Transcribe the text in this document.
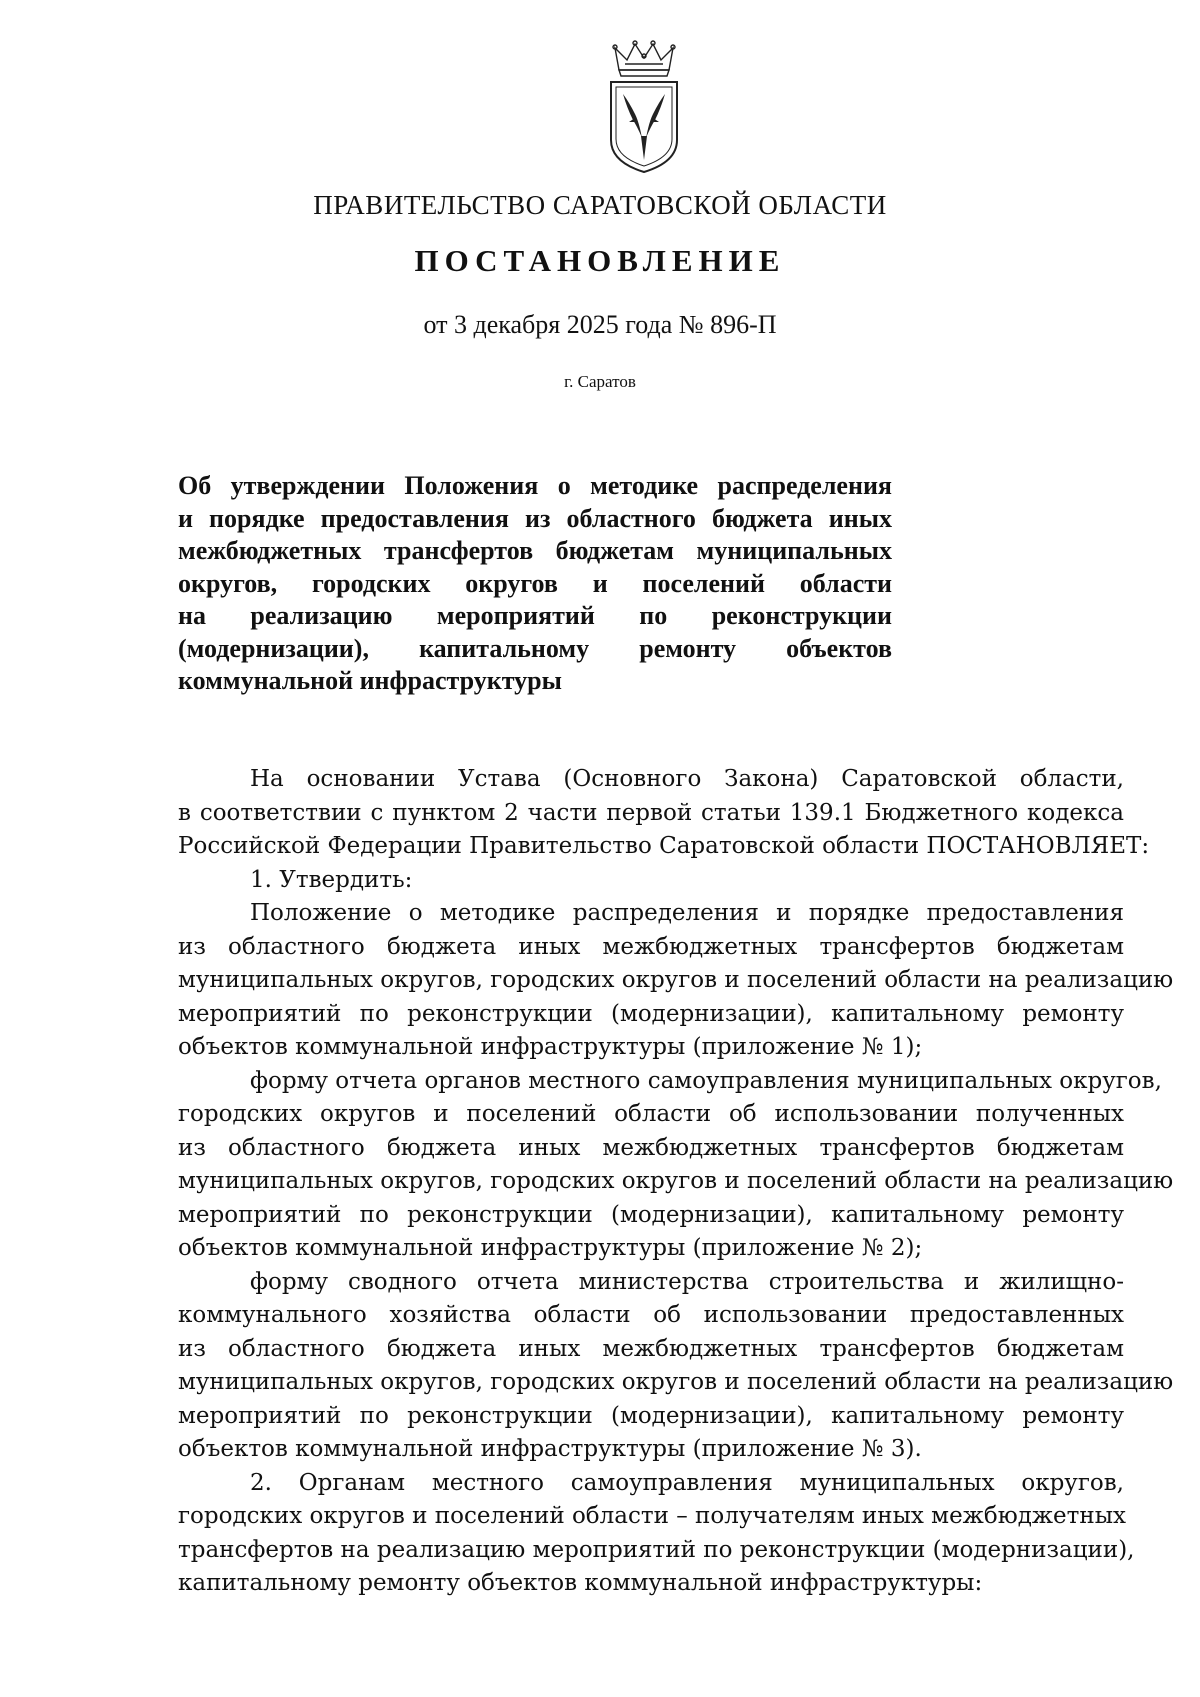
ПРАВИТЕЛЬСТВО САРАТОВСКОЙ ОБЛАСТИ
ПОСТАНОВЛЕНИЕ
от 3 декабря 2025 года № 896-П
г. Саратов
Об утверждении Положения о методике распределения
и порядке предоставления из областного бюджета иных
межбюджетных трансфертов бюджетам муниципальных
округов, городских округов и поселений области
на реализацию мероприятий по реконструкции
(модернизации), капитальному ремонту объектов
коммунальной инфраструктуры
На основании Устава (Основного Закона) Саратовской области,
в соответствии с пунктом 2 части первой статьи 139.1 Бюджетного кодекса
Российской Федерации Правительство Саратовской области ПОСТАНОВЛЯЕТ:
1. Утвердить:
Положение о методике распределения и порядке предоставления
из областного бюджета иных межбюджетных трансфертов бюджетам
муниципальных округов, городских округов и поселений области на реализацию
мероприятий по реконструкции (модернизации), капитальному ремонту
объектов коммунальной инфраструктуры (приложение № 1);
форму отчета органов местного самоуправления муниципальных округов,
городских округов и поселений области об использовании полученных
из областного бюджета иных межбюджетных трансфертов бюджетам
муниципальных округов, городских округов и поселений области на реализацию
мероприятий по реконструкции (модернизации), капитальному ремонту
объектов коммунальной инфраструктуры (приложение № 2);
форму сводного отчета министерства строительства и жилищно-
коммунального хозяйства области об использовании предоставленных
из областного бюджета иных межбюджетных трансфертов бюджетам
муниципальных округов, городских округов и поселений области на реализацию
мероприятий по реконструкции (модернизации), капитальному ремонту
объектов коммунальной инфраструктуры (приложение № 3).
2. Органам местного самоуправления муниципальных округов,
городских округов и поселений области – получателям иных межбюджетных
трансфертов на реализацию мероприятий по реконструкции (модернизации),
капитальному ремонту объектов коммунальной инфраструктуры:
